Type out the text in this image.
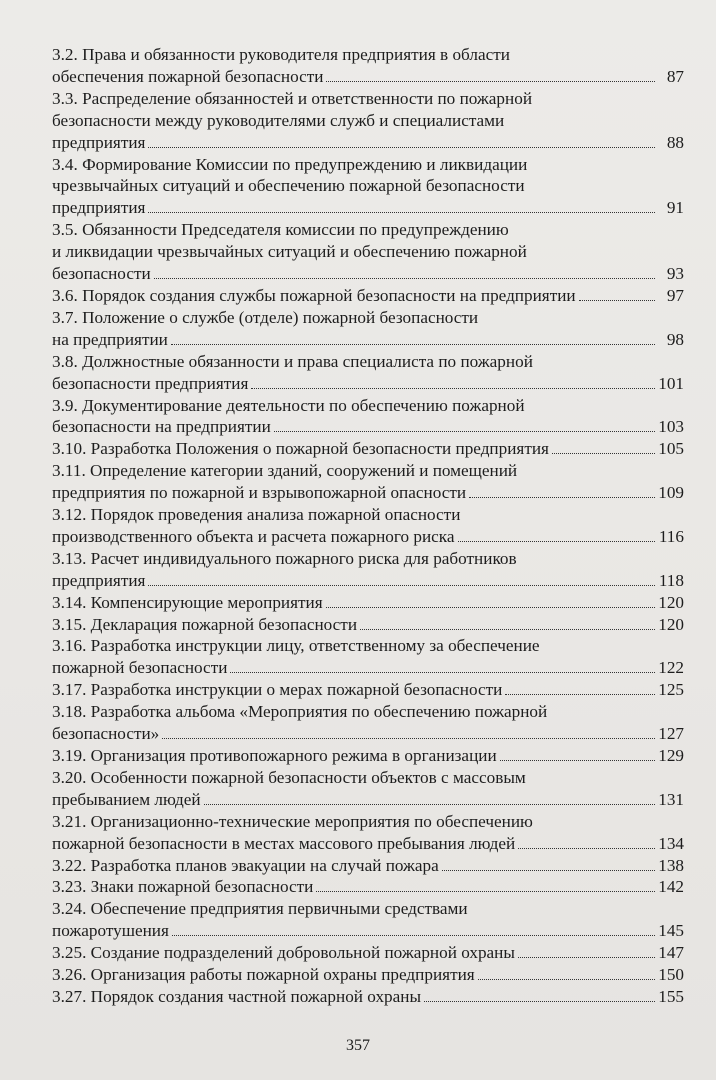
3.2. Права и обязанности руководителя предприятия в области
обеспечения пожарной безопасности	87
3.3. Распределение обязанностей и ответственности по пожарной
безопасности между руководителями служб и специалистами
предприятия	88
3.4. Формирование Комиссии по предупреждению и ликвидации
чрезвычайных ситуаций и обеспечению пожарной безопасности
предприятия	91
3.5. Обязанности Председателя комиссии по предупреждению
и ликвидации чрезвычайных ситуаций и обеспечению пожарной
безопасности	93
3.6. Порядок создания службы пожарной безопасности на предприятии	97
3.7. Положение о службе (отделе) пожарной безопасности
на предприятии	98
3.8. Должностные обязанности и права специалиста по пожарной
безопасности предприятия	101
3.9. Документирование деятельности по обеспечению пожарной
безопасности на предприятии	103
3.10. Разработка Положения о пожарной безопасности предприятия	105
3.11. Определение категории зданий, сооружений и помещений
предприятия по пожарной и взрывопожарной опасности	109
3.12. Порядок проведения анализа пожарной опасности
производственного объекта и расчета пожарного риска	116
3.13. Расчет индивидуального пожарного риска для работников
предприятия	118
3.14. Компенсирующие мероприятия	120
3.15. Декларация пожарной безопасности	120
3.16. Разработка инструкции лицу, ответственному за обеспечение
пожарной безопасности	122
3.17. Разработка инструкции о мерах пожарной безопасности	125
3.18. Разработка альбома «Мероприятия по обеспечению пожарной
безопасности»	127
3.19. Организация противопожарного режима в организации	129
3.20. Особенности пожарной безопасности объектов с массовым
пребыванием людей	131
3.21. Организационно-технические мероприятия по обеспечению
пожарной безопасности в местах массового пребывания людей	134
3.22. Разработка планов эвакуации на случай пожара	138
3.23. Знаки пожарной безопасности	142
3.24. Обеспечение предприятия первичными средствами
пожаротушения	145
3.25. Создание подразделений добровольной пожарной охраны	147
3.26. Организация работы пожарной охраны предприятия	150
3.27. Порядок создания частной пожарной охраны	155
357
